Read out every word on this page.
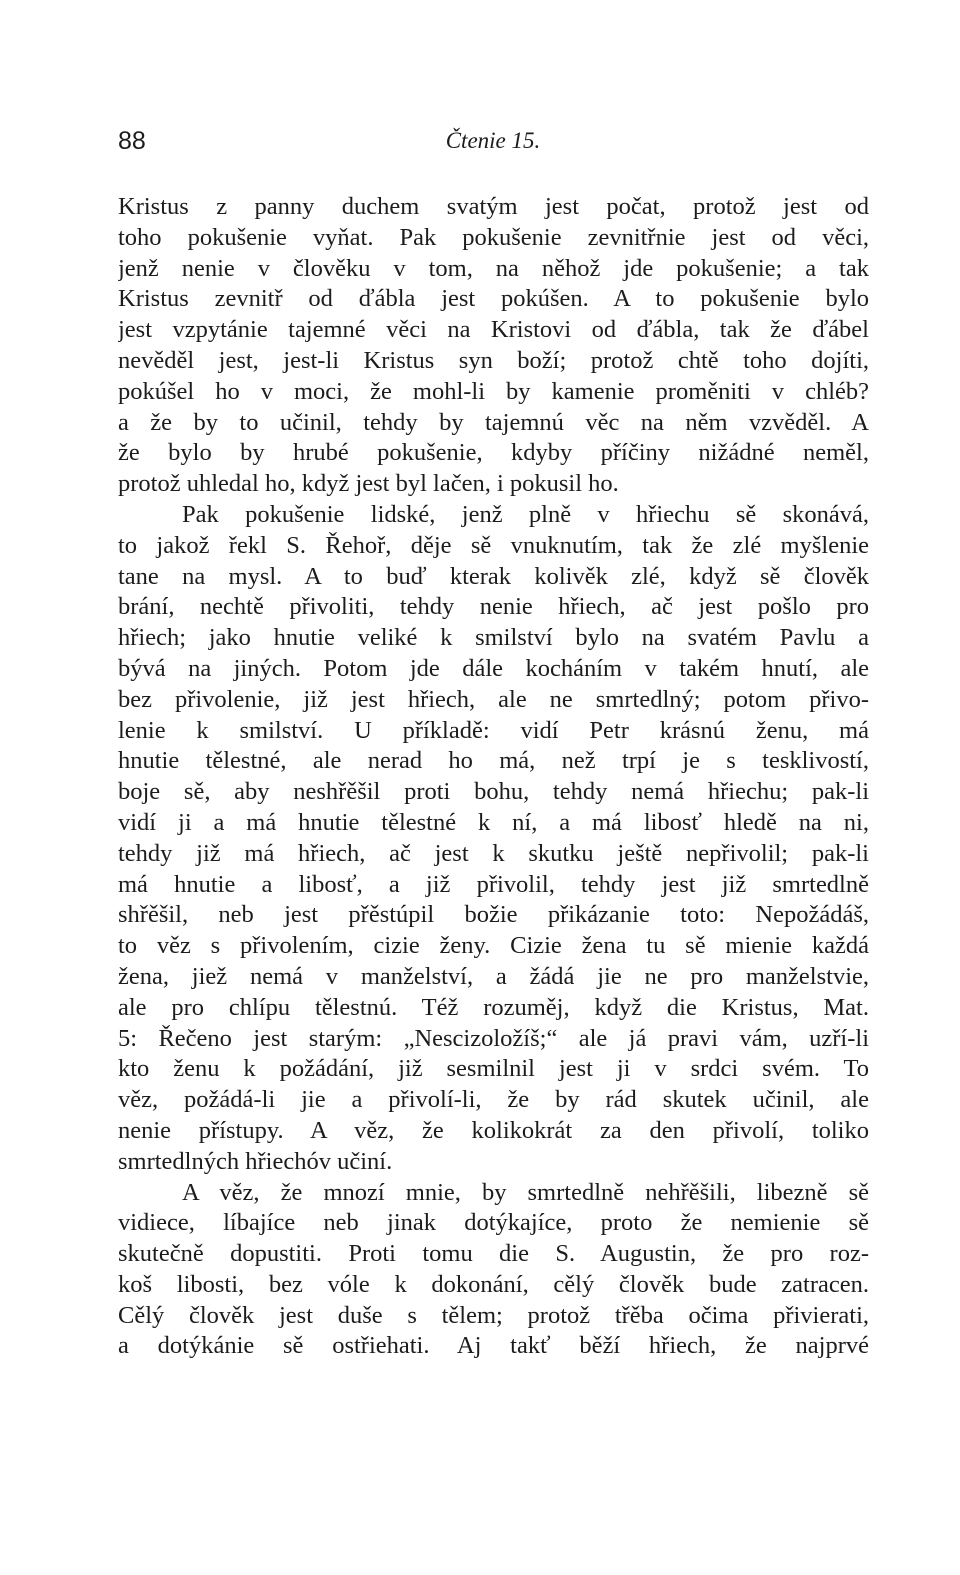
88	Čtenie 15.
Kristus z panny duchem svatým jest počat, protož jest od
toho pokušenie vyňat. Pak pokušenie zevnitřnie jest od věci,
jenž nenie v člověku v tom, na něhož jde pokušenie; a tak
Kristus zevnitř od ďábla jest pokúšen. A to pokušenie bylo
jest vzpytánie tajemné věci na Kristovi od ďábla, tak že ďábel
nevěděl jest, jest-li Kristus syn boží; protož chtě toho dojíti,
pokúšel ho v moci, že mohl-li by kamenie proměniti v chléb?
a že by to učinil, tehdy by tajemnú věc na něm vzvěděl. A
že bylo by hrubé pokušenie, kdyby příčiny nižádné neměl,
protož uhledal ho, když jest byl lačen, i pokusil ho.
Pak pokušenie lidské, jenž plně v hřiechu sě skonává,
to jakož řekl S. Řehoř, děje sě vnuknutím, tak že zlé myšlenie
tane na mysl. A to buď kterak kolivěk zlé, když sě člověk
brání, nechtě přivoliti, tehdy nenie hřiech, ač jest pošlo pro
hřiech; jako hnutie veliké k smilství bylo na svatém Pavlu a
bývá na jiných. Potom jde dále kocháním v takém hnutí, ale
bez přivolenie, již jest hřiech, ale ne smrtedlný; potom přivo-
lenie k smilství. U příkladě: vidí Petr krásnú ženu, má
hnutie tělestné, ale nerad ho má, než trpí je s tesklivostí,
boje sě, aby neshřěšil proti bohu, tehdy nemá hřiechu; pak-li
vidí ji a má hnutie tělestné k ní, a má libosť hledě na ni,
tehdy již má hřiech, ač jest k skutku ještě nepřivolil; pak-li
má hnutie a libosť, a již přivolil, tehdy jest již smrtedlně
shřěšil, neb jest přěstúpil božie přikázanie toto: Nepožádáš,
to věz s přivolením, cizie ženy. Cizie žena tu sě mienie každá
žena, jiež nemá v manželství, a žádá jie ne pro manželstvie,
ale pro chlípu tělestnú. Též rozuměj, když die Kristus, Mat.
5: Řečeno jest starým: „Nescizoložíš;“ ale já pravi vám, uzří-li
kto ženu k požádání, již sesmilnil jest ji v srdci svém. To
věz, požádá-li jie a přivolí-li, že by rád skutek učinil, ale
nenie přístupy. A věz, že kolikokrát za den přivolí, toliko
smrtedlných hřiechóv učiní.
A věz, že mnozí mnie, by smrtedlně nehřěšili, libezně sě
vidiece, líbajíce neb jinak dotýkajíce, proto že nemienie sě
skutečně dopustiti. Proti tomu die S. Augustin, že pro roz-
koš libosti, bez vóle k dokonání, cělý člověk bude zatracen.
Cělý člověk jest duše s tělem; protož třěba očima přivierati,
a dotýkánie sě ostřiehati. Aj takť běží hřiech, že najprvé
